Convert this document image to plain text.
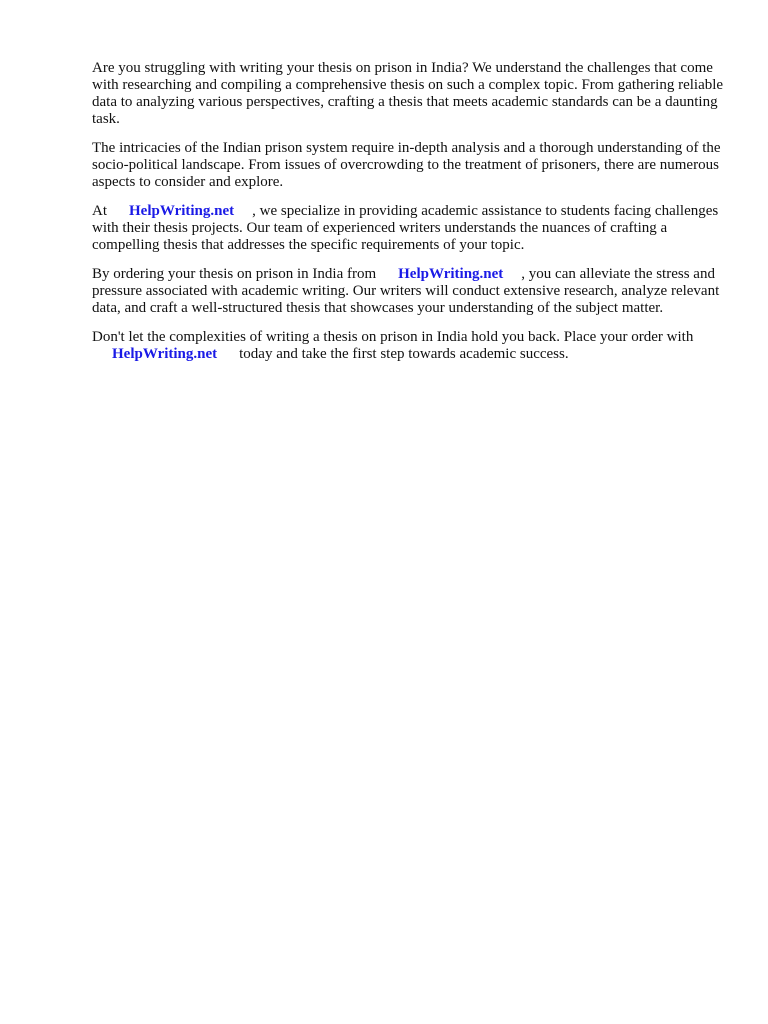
Are you struggling with writing your thesis on prison in India? We understand the challenges that come with researching and compiling a comprehensive thesis on such a complex topic. From gathering reliable data to analyzing various perspectives, crafting a thesis that meets academic standards can be a daunting task.

The intricacies of the Indian prison system require in-depth analysis and a thorough understanding of the socio-political landscape. From issues of overcrowding to the treatment of prisoners, there are numerous aspects to consider and explore.

At HelpWriting.net , we specialize in providing academic assistance to students facing challenges with their thesis projects. Our team of experienced writers understands the nuances of crafting a compelling thesis that addresses the specific requirements of your topic.

By ordering your thesis on prison in India from HelpWriting.net , you can alleviate the stress and pressure associated with academic writing. Our writers will conduct extensive research, analyze relevant data, and craft a well-structured thesis that showcases your understanding of the subject matter.

Don't let the complexities of writing a thesis on prison in India hold you back. Place your order with
HelpWriting.net today and take the first step towards academic success.
